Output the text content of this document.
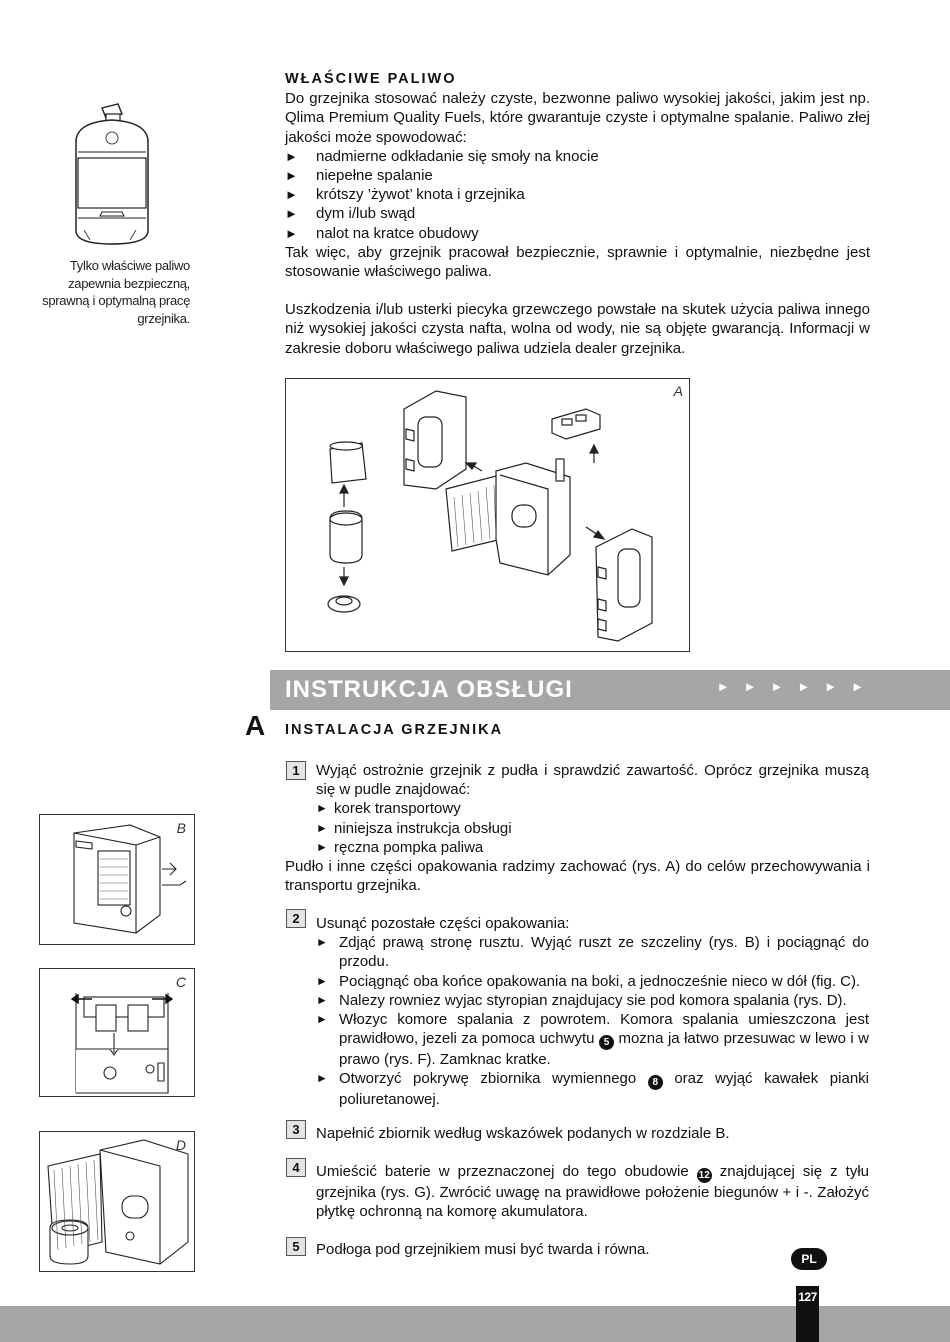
Tylko właściwe paliwo zapewnia bezpieczną, sprawną i optymalną pracę grzejnika.
WŁAŚCIWE PALIWO
Do grzejnika stosować należy czyste, bezwonne paliwo wysokiej jakości, jakim jest np. Qlima Premium Quality Fuels, które gwarantuje czyste i optymalne spalanie. Paliwo złej jakości może spowodować:
►	nadmierne odkładanie się smoły na knocie
►	niepełne spalanie
►	krótszy ’żywot’ knota i grzejnika
►	dym i/lub swąd
►	nalot na kratce obudowy
Tak więc, aby grzejnik pracował bezpiecznie, sprawnie i optymalnie, niezbędne jest stosowanie właściwego paliwa.
Uszkodzenia i/lub usterki piecyka grzewczego powstałe na skutek użycia paliwa innego niż wysokiej jakości czysta nafta, wolna od wody, nie są objęte gwarancją. Informacji w zakresie doboru właściwego paliwa udziela dealer grzejnika.
A
INSTRUKCJA OBSŁUGI	►►►►►►
A INSTALACJA GRZEJNIKA
1	Wyjąć ostrożnie grzejnik z pudła i sprawdzić zawartość. Oprócz grzejnika muszą się w pudle znajdować:
► korek transportowy
► niniejsza instrukcja obsługi
► ręczna pompka paliwa
Pudło i inne części opakowania radzimy zachować (rys. A) do celów przechowywania i transportu grzejnika.
2	Usunąć pozostałe części opakowania:
► Zdjąć prawą stronę rusztu. Wyjąć ruszt ze szczeliny (rys. B) i pociągnąć do przodu.
► Pociągnąć oba końce opakowania na boki, a jednocześnie nieco w dół (fig. C).
► Nalezy rowniez wyjac styropian znajdujacy sie pod komora spalania (rys. D).
► Włozyc komore spalania z powrotem. Komora spalania umieszczona jest prawidłowo, jezeli za pomoca uchwytu 5 mozna ja łatwo przesuwac w lewo i w prawo (rys. F). Zamknac kratke.
► Otworzyć pokrywę zbiornika wymiennego 8 oraz wyjąć kawałek pianki poliuretanowej.
3	Napełnić zbiornik według wskazówek podanych w rozdziale B.
4	Umieścić baterie w przeznaczonej do tego obudowie 12 znajdującej się z tyłu grzejnika (rys. G). Zwrócić uwagę na prawidłowe położenie biegunów + i -. Założyć płytkę ochronną na komorę akumulatora.
5	Podłoga pod grzejnikiem musi być twarda i równa.
B
C
D
PL
127
